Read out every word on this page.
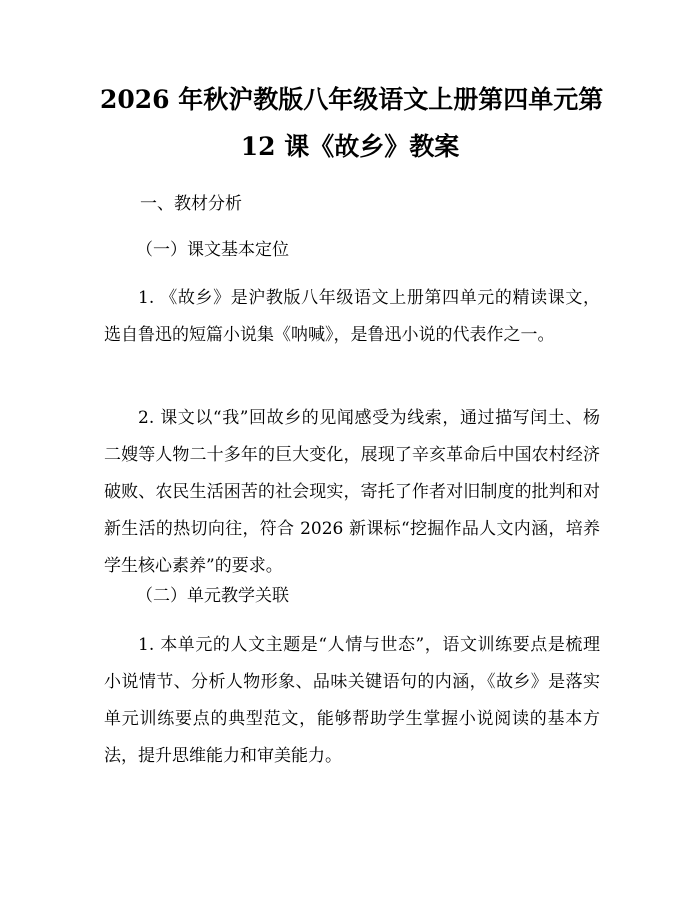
2026 年秋沪教版八年级语文上册第四单元第
12 课《故乡》教案
一、教材分析
（一）课文基本定位
1. 《故乡》是沪教版八年级语文上册第四单元的精读课文，选自鲁迅的短篇小说集《呐喊》，是鲁迅小说的代表作之一。
2. 课文以“我”回故乡的见闻感受为线索，通过描写闰土、杨二嫂等人物二十多年的巨大变化，展现了辛亥革命后中国农村经济破败、农民生活困苦的社会现实，寄托了作者对旧制度的批判和对新生活的热切向往，符合 2026 新课标“挖掘作品人文内涵，培养学生核心素养”的要求。
（二）单元教学关联
1. 本单元的人文主题是“人情与世态”，语文训练要点是梳理小说情节、分析人物形象、品味关键语句的内涵，《故乡》是落实单元训练要点的典型范文，能够帮助学生掌握小说阅读的基本方法，提升思维能力和审美能力。
